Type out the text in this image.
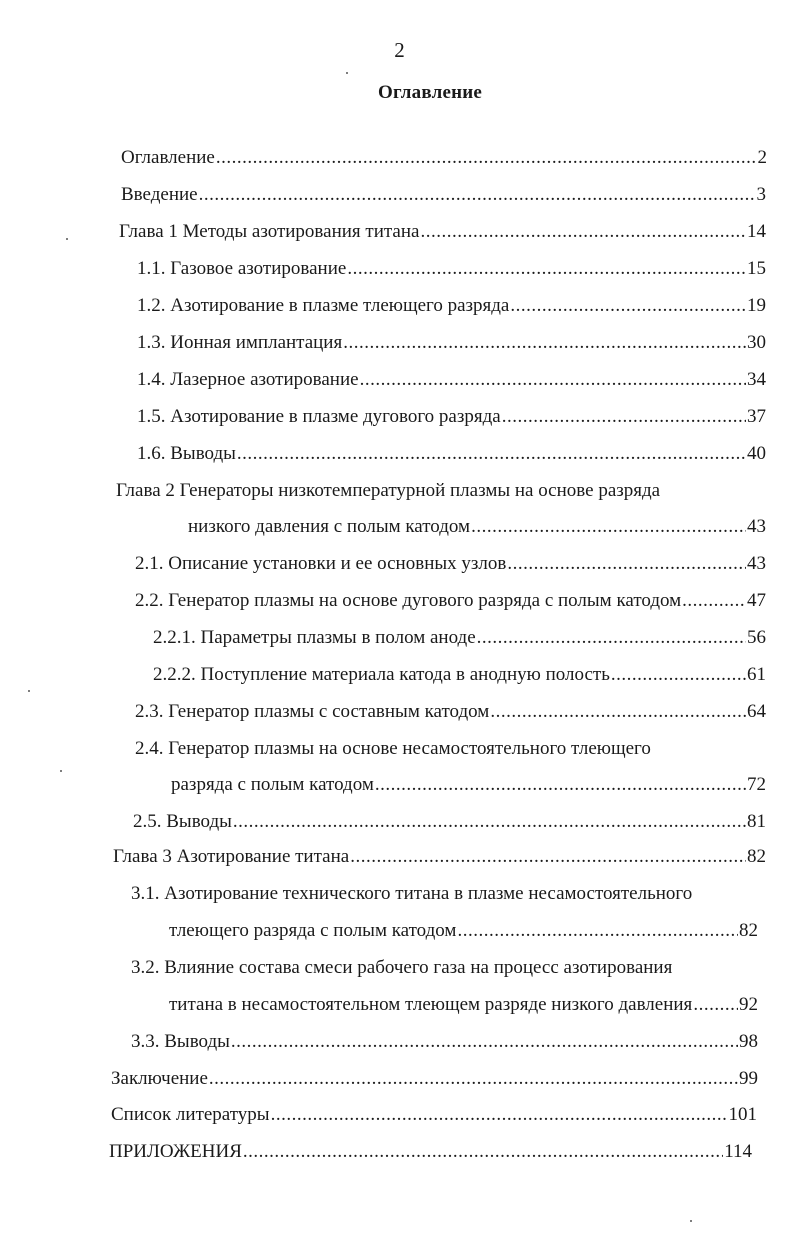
2
Оглавление
Оглавление .....	2
Введение .....	3
Глава 1 Методы азотирования титана .....	14
1.1. Газовое азотирование .....	15
1.2. Азотирование в плазме тлеющего разряда .....	19
1.3. Ионная имплантация .....	30
1.4. Лазерное азотирование .....	34
1.5. Азотирование в плазме дугового разряда .....	37
1.6. Выводы .....	40
Глава 2 Генераторы низкотемпературной плазмы на основе разряда
низкого давления с полым катодом .....	43
2.1. Описание установки и ее основных узлов .....	43
2.2. Генератор плазмы на основе дугового разряда с полым катодом .....	47
2.2.1. Параметры плазмы в полом аноде .....	56
2.2.2. Поступление материала катода в анодную полость .....	61
2.3. Генератор плазмы с составным катодом .....	64
2.4. Генератор плазмы на основе несамостоятельного тлеющего
разряда с полым катодом .....	72
2.5. Выводы .....	81
Глава 3 Азотирование титана .....	82
3.1. Азотирование технического титана в плазме несамостоятельного
тлеющего разряда с полым катодом .....	82
3.2. Влияние состава смеси рабочего газа на процесс азотирования
титана в несамостоятельном тлеющем разряде низкого давления ..... 92
3.3. Выводы .....	98
Заключение .....	99
Список литературы .....	101
ПРИЛОЖЕНИЯ .....	114
